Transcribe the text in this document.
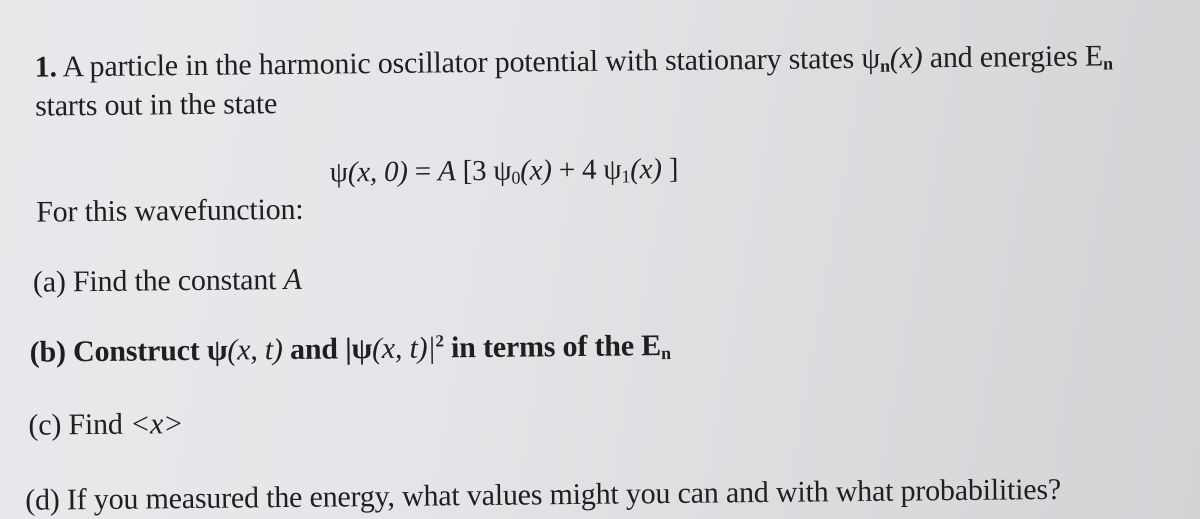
1. A particle in the harmonic oscillator potential with stationary states $\psi_n(x)$ and energies $E_n$
starts out in the state
ψ(x, 0) = A [3 $\psi_0(x) + 4$ $\psi_1(x)$ ]
For this wavefunction:
(a) Find the constant A
(b) Construct ψ(x, t) and |ψ(x, $t)|^2$ in terms of the $E_n$
(c) Find <x>
(d) If you measured the energy, what values might you can and with what probabilities?
